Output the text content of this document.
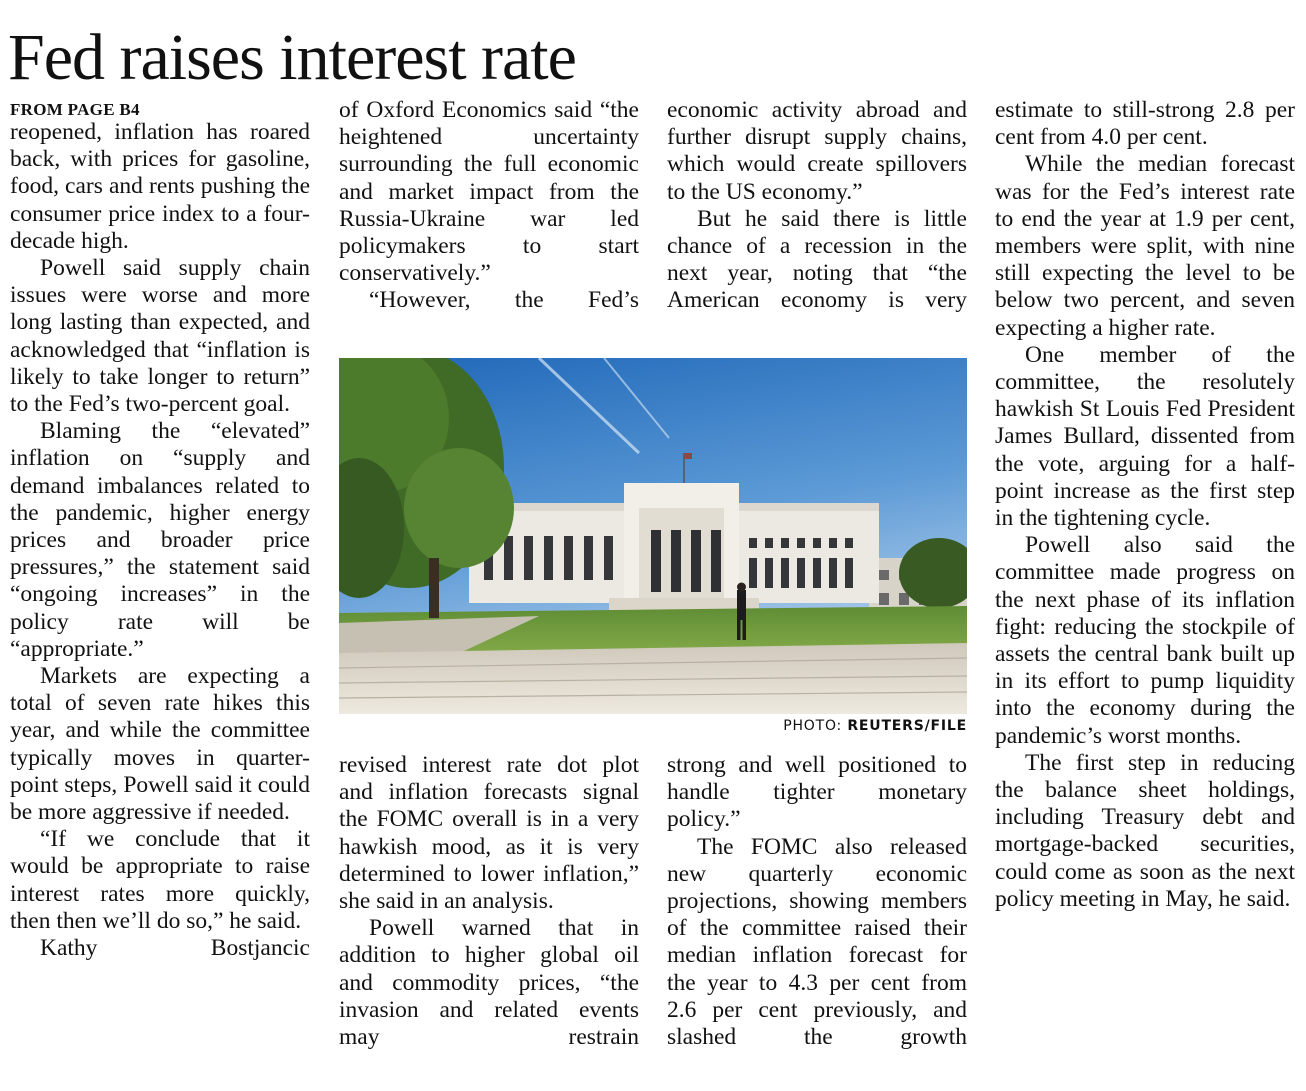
Fed raises interest rate
FROM PAGE B4

reopened, inflation has roared back, with prices for gasoline, food, cars and rents pushing the consumer price index to a four-decade high.

Powell said supply chain issues were worse and more long lasting than expected, and acknowledged that “inflation is likely to take longer to return” to the Fed’s two-percent goal.

Blaming the “elevated” inflation on “supply and demand imbalances related to the pandemic, higher energy prices and broader price pressures,” the statement said “ongoing increases” in the policy rate will be “appropriate.”

Markets are expecting a total of seven rate hikes this year, and while the committee typically moves in quarter-point steps, Powell said it could be more aggressive if needed.

“If we conclude that it would be appropriate to raise interest rates more quickly, then then we’ll do so,” he said.

Kathy Bostjancic

of Oxford Economics said “the heightened uncertainty surrounding the full economic and market impact from the Russia-Ukraine war led policymakers to start conservatively.”

“However, the Fed’s

economic activity abroad and further disrupt supply chains, which would create spillovers to the US economy.”

But he said there is little chance of a recession in the next year, noting that “the American economy is very

PHOTO: REUTERS/FILE

revised interest rate dot plot and inflation forecasts signal the FOMC overall is in a very hawkish mood, as it is very determined to lower inflation,” she said in an analysis.

Powell warned that in addition to higher global oil and commodity prices, “the invasion and related events may restrain

strong and well positioned to handle tighter monetary policy.”

The FOMC also released new quarterly economic projections, showing members of the committee raised their median inflation forecast for the year to 4.3 per cent from 2.6 per cent previously, and slashed the growth

estimate to still-strong 2.8 per cent from 4.0 per cent.

While the median forecast was for the Fed’s interest rate to end the year at 1.9 per cent, members were split, with nine still expecting the level to be below two percent, and seven expecting a higher rate.

One member of the committee, the resolutely hawkish St Louis Fed President James Bullard, dissented from the vote, arguing for a half-point increase as the first step in the tightening cycle.

Powell also said the committee made progress on the next phase of its inflation fight: reducing the stockpile of assets the central bank built up in its effort to pump liquidity into the economy during the pandemic’s worst months.

The first step in reducing the balance sheet holdings, including Treasury debt and mortgage-backed securities, could come as soon as the next policy meeting in May, he said.
